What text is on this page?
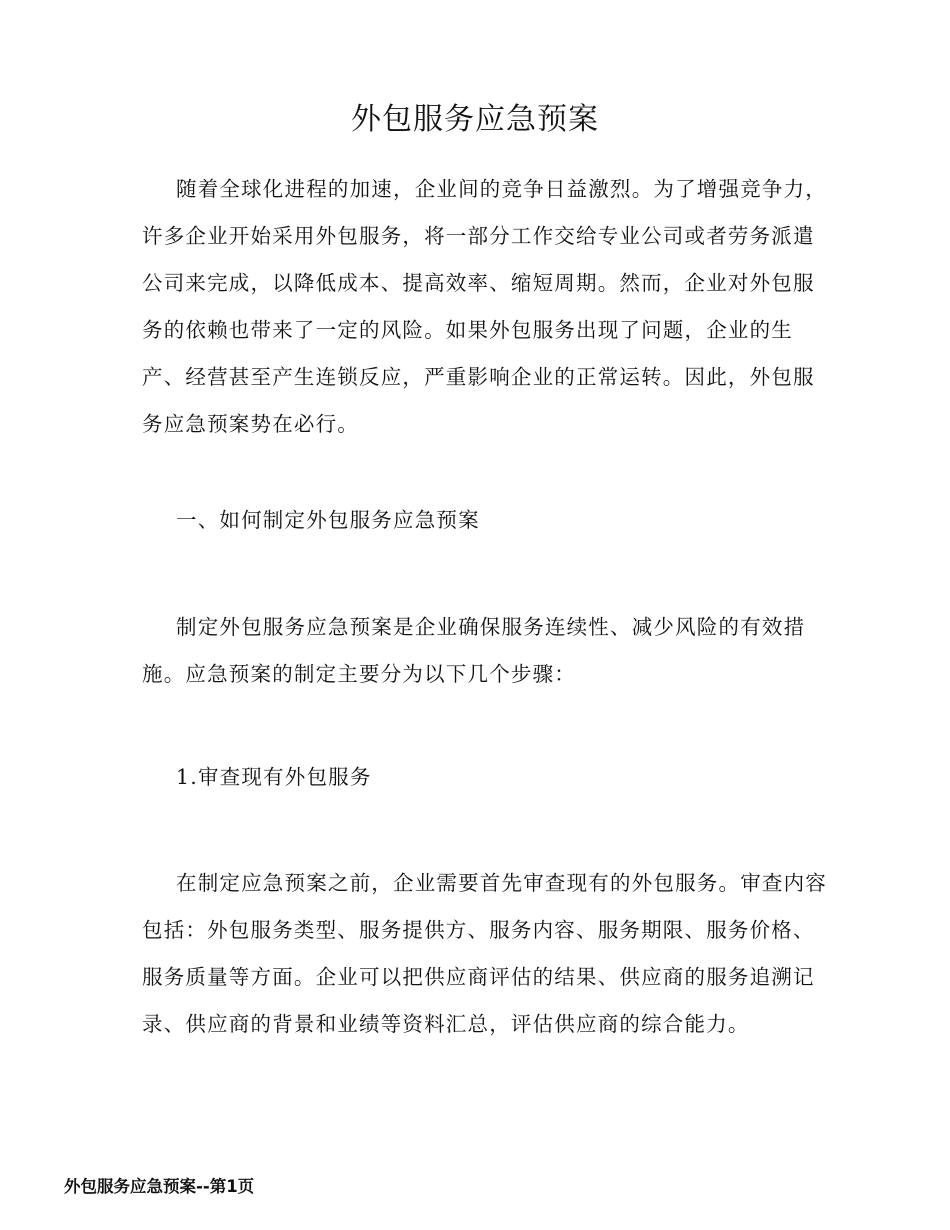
外包服务应急预案

随着全球化进程的加速，企业间的竞争日益激烈。为了增强竞争力，许多企业开始采用外包服务，将一部分工作交给专业公司或者劳务派遣公司来完成，以降低成本、提高效率、缩短周期。然而，企业对外包服务的依赖也带来了一定的风险。如果外包服务出现了问题，企业的生产、经营甚至产生连锁反应，严重影响企业的正常运转。因此，外包服务应急预案势在必行。

一、如何制定外包服务应急预案

制定外包服务应急预案是企业确保服务连续性、减少风险的有效措施。应急预案的制定主要分为以下几个步骤：

1.审查现有外包服务

在制定应急预案之前，企业需要首先审查现有的外包服务。审查内容包括：外包服务类型、服务提供方、服务内容、服务期限、服务价格、服务质量等方面。企业可以把供应商评估的结果、供应商的服务追溯记录、供应商的背景和业绩等资料汇总，评估供应商的综合能力。

外包服务应急预案--第1页
